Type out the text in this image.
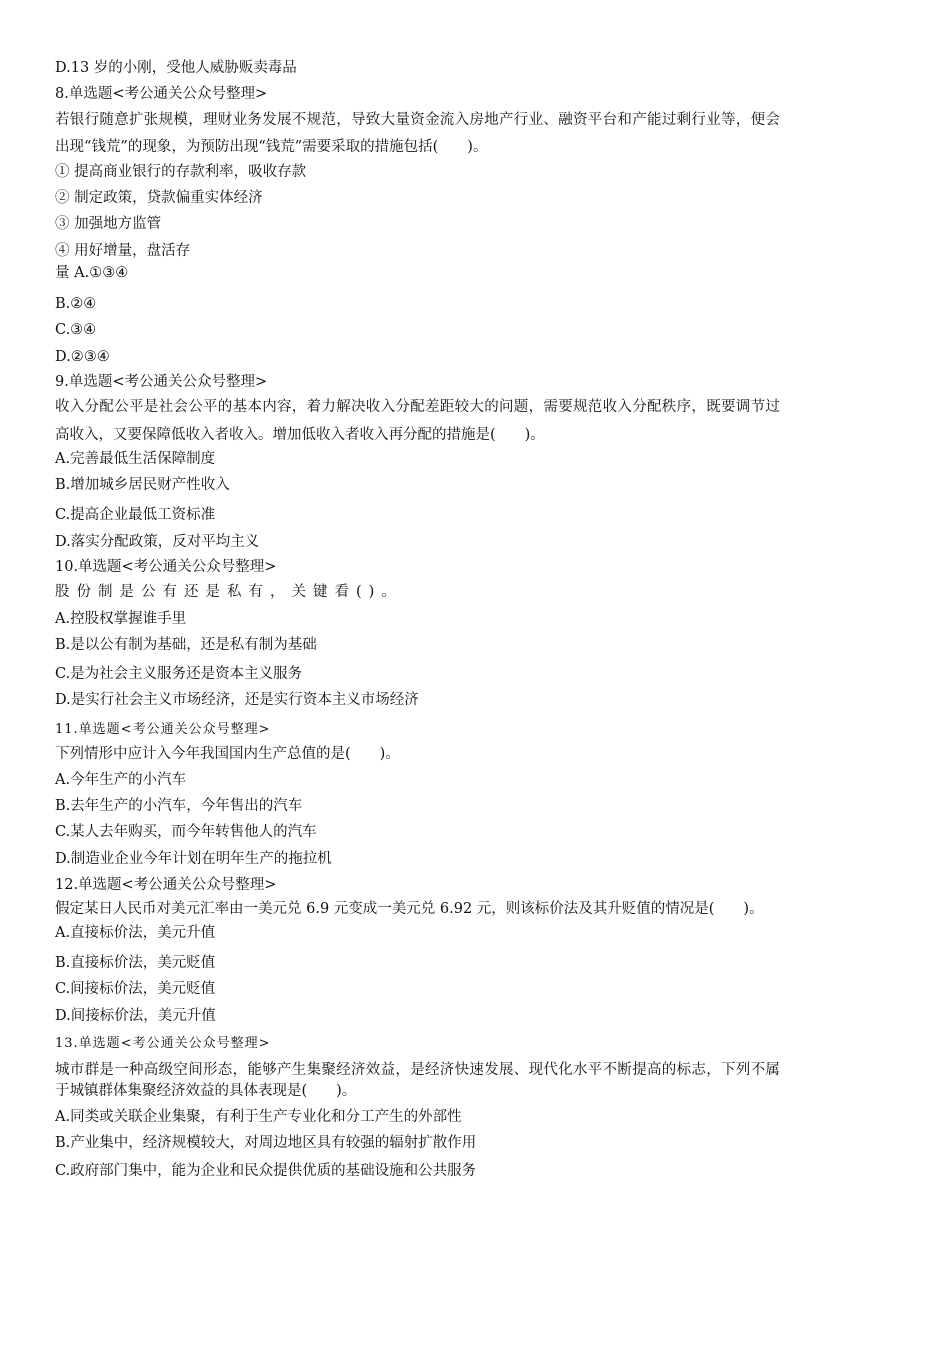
D.13 岁的小刚，受他人威胁贩卖毒品
8.单选题<考公通关公众号整理>
若银行随意扩张规模，理财业务发展不规范，导致大量资金流入房地产行业、融资平台和产能过剩行业等，便会
出现“钱荒”的现象，为预防出现“钱荒”需要采取的措施包括(　　)。
① 提高商业银行的存款利率，吸收存款
② 制定政策，贷款偏重实体经济
③ 加强地方监管
④ 用好增量，盘活存
量 A.①③④
B.②④
C.③④
D.②③④
9.单选题<考公通关公众号整理>
收入分配公平是社会公平的基本内容，着力解决收入分配差距较大的问题，需要规范收入分配秩序，既要调节过
高收入，又要保障低收入者收入。增加低收入者收入再分配的措施是(　　)。
A.完善最低生活保障制度
B.增加城乡居民财产性收入
C.提高企业最低工资标准
D.落实分配政策，反对平均主义
10.单选题<考公通关公众号整理>
股份制是公有还是私有，关键看()。
A.控股权掌握谁手里
B.是以公有制为基础，还是私有制为基础
C.是为社会主义服务还是资本主义服务
D.是实行社会主义市场经济，还是实行资本主义市场经济
11.单选题<考公通关公众号整理>
下列情形中应计入今年我国国内生产总值的是(　　)。
A.今年生产的小汽车
B.去年生产的小汽车，今年售出的汽车
C.某人去年购买，而今年转售他人的汽车
D.制造业企业今年计划在明年生产的拖拉机
12.单选题<考公通关公众号整理>
假定某日人民币对美元汇率由一美元兑 6.9 元变成一美元兑 6.92 元，则该标价法及其升贬值的情况是(　　)。
A.直接标价法，美元升值
B.直接标价法，美元贬值
C.间接标价法，美元贬值
D.间接标价法，美元升值
13.单选题<考公通关公众号整理>
城市群是一种高级空间形态，能够产生集聚经济效益，是经济快速发展、现代化水平不断提高的标志，下列不属
于城镇群体集聚经济效益的具体表现是(　　)。
A.同类或关联企业集聚，有利于生产专业化和分工产生的外部性
B.产业集中，经济规模较大，对周边地区具有较强的辐射扩散作用
C.政府部门集中，能为企业和民众提供优质的基础设施和公共服务
